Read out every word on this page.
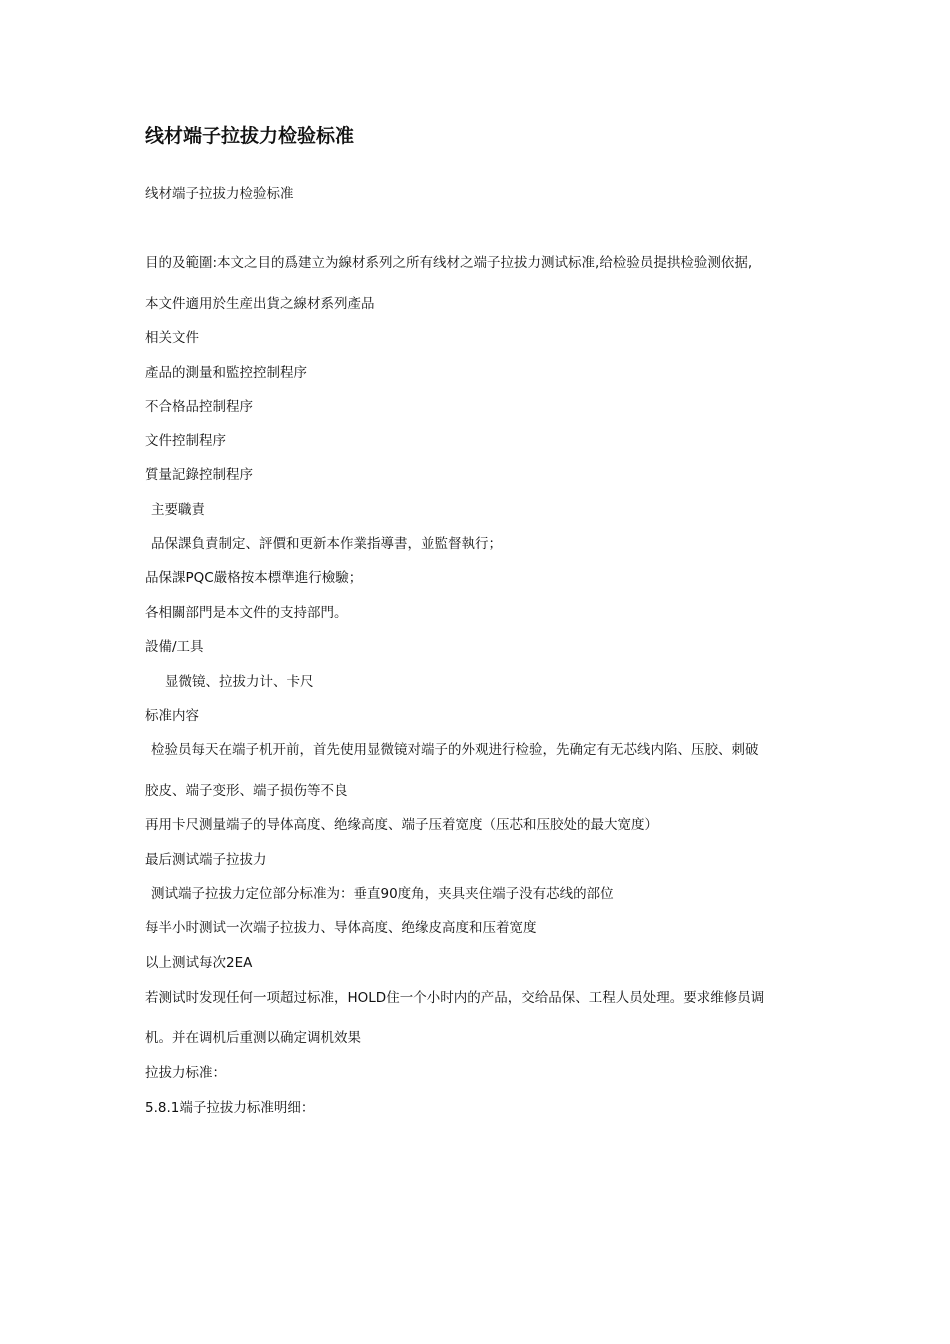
线材端子拉拔力检验标准
线材端子拉拔力检验标准
目的及範圍:本文之目的爲建立为線材系列之所有线材之端子拉拔力测试标准,给检验员提拱检验测依据,
本文件適用於生産出貨之線材系列產品
相关文件
產品的測量和監控控制程序
不合格品控制程序
文件控制程序
質量記錄控制程序
主要職責
品保課負責制定、評價和更新本作業指導書，並監督執行；
品保課PQC嚴格按本標準進行檢驗；
各相關部門是本文件的支持部門。
設備/工具
显微镜、拉拔力计、卡尺
标准内容
检验员每天在端子机开前，首先使用显微镜对端子的外观进行检验，先确定有无芯线内陷、压胶、刺破
胶皮、端子变形、端子损伤等不良
再用卡尺测量端子的导体高度、绝缘高度、端子压着宽度（压芯和压胶处的最大宽度）
最后测试端子拉拔力
测试端子拉拔力定位部分标准为：垂直90度角，夹具夹住端子没有芯线的部位
每半小时测试一次端子拉拔力、导体高度、绝缘皮高度和压着宽度
以上测试每次2EA
若测试时发现任何一项超过标准，HOLD住一个小时内的产品，交给品保、工程人员处理。要求维修员调
机。并在调机后重测以确定调机效果
拉拔力标准：
5.8.1端子拉拔力标准明细：
